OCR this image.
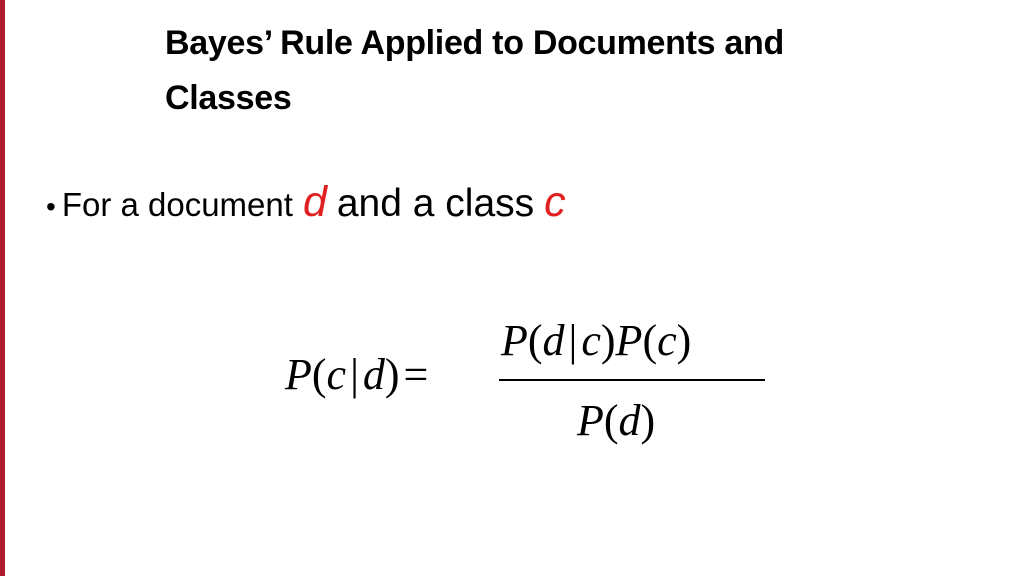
Bayes’ Rule Applied to Documents and
Classes
• For a document d and a class c
P(c|d)=
P(d|c)P(c)
P(d)
